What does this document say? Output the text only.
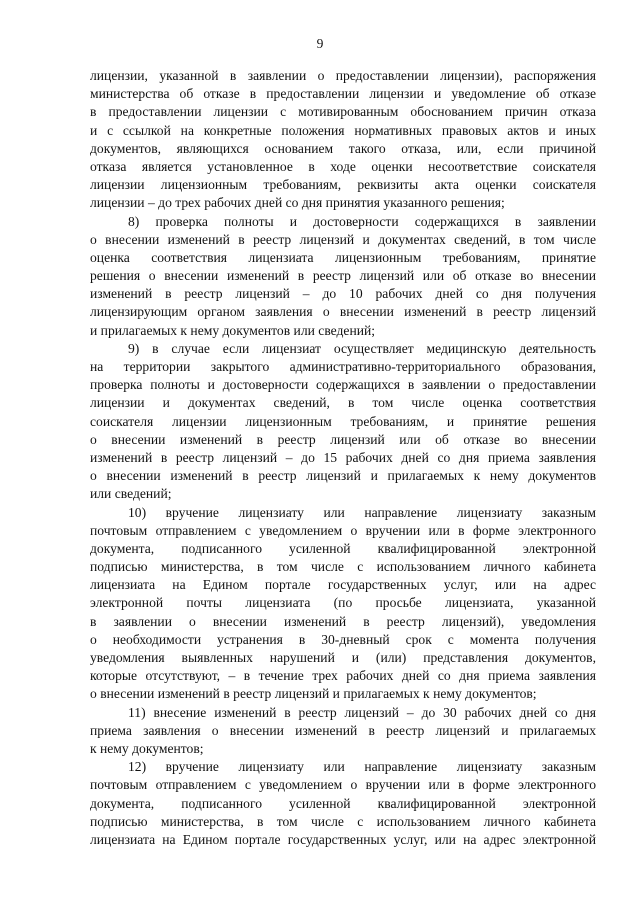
9
лицензии, указанной в заявлении о предоставлении лицензии), распоряжения
министерства об отказе в предоставлении лицензии и уведомление об отказе
в предоставлении лицензии с мотивированным обоснованием причин отказа
и с ссылкой на конкретные положения нормативных правовых актов и иных
документов, являющихся основанием такого отказа, или, если причиной
отказа является установленное в ходе оценки несоответствие соискателя
лицензии лицензионным требованиям, реквизиты акта оценки соискателя
лицензии – до трех рабочих дней со дня принятия указанного решения;
8) проверка полноты и достоверности содержащихся в заявлении
о внесении изменений в реестр лицензий и документах сведений, в том числе
оценка соответствия лицензиата лицензионным требованиям, принятие
решения о внесении изменений в реестр лицензий или об отказе во внесении
изменений в реестр лицензий – до 10 рабочих дней со дня получения
лицензирующим органом заявления о внесении изменений в реестр лицензий
и прилагаемых к нему документов или сведений;
9) в случае если лицензиат осуществляет медицинскую деятельность
на территории закрытого административно-территориального образования,
проверка полноты и достоверности содержащихся в заявлении о предоставлении
лицензии и документах сведений, в том числе оценка соответствия
соискателя лицензии лицензионным требованиям, и принятие решения
о внесении изменений в реестр лицензий или об отказе во внесении
изменений в реестр лицензий – до 15 рабочих дней со дня приема заявления
о внесении изменений в реестр лицензий и прилагаемых к нему документов
или сведений;
10) вручение лицензиату или направление лицензиату заказным
почтовым отправлением с уведомлением о вручении или в форме электронного
документа, подписанного усиленной квалифицированной электронной
подписью министерства, в том числе с использованием личного кабинета
лицензиата на Едином портале государственных услуг, или на адрес
электронной почты лицензиата (по просьбе лицензиата, указанной
в заявлении о внесении изменений в реестр лицензий), уведомления
о необходимости устранения в 30-дневный срок с момента получения
уведомления выявленных нарушений и (или) представления документов,
которые отсутствуют, – в течение трех рабочих дней со дня приема заявления
о внесении изменений в реестр лицензий и прилагаемых к нему документов;
11) внесение изменений в реестр лицензий – до 30 рабочих дней со дня
приема заявления о внесении изменений в реестр лицензий и прилагаемых
к нему документов;
12) вручение лицензиату или направление лицензиату заказным
почтовым отправлением с уведомлением о вручении или в форме электронного
документа, подписанного усиленной квалифицированной электронной
подписью министерства, в том числе с использованием личного кабинета
лицензиата на Едином портале государственных услуг, или на адрес электронной
